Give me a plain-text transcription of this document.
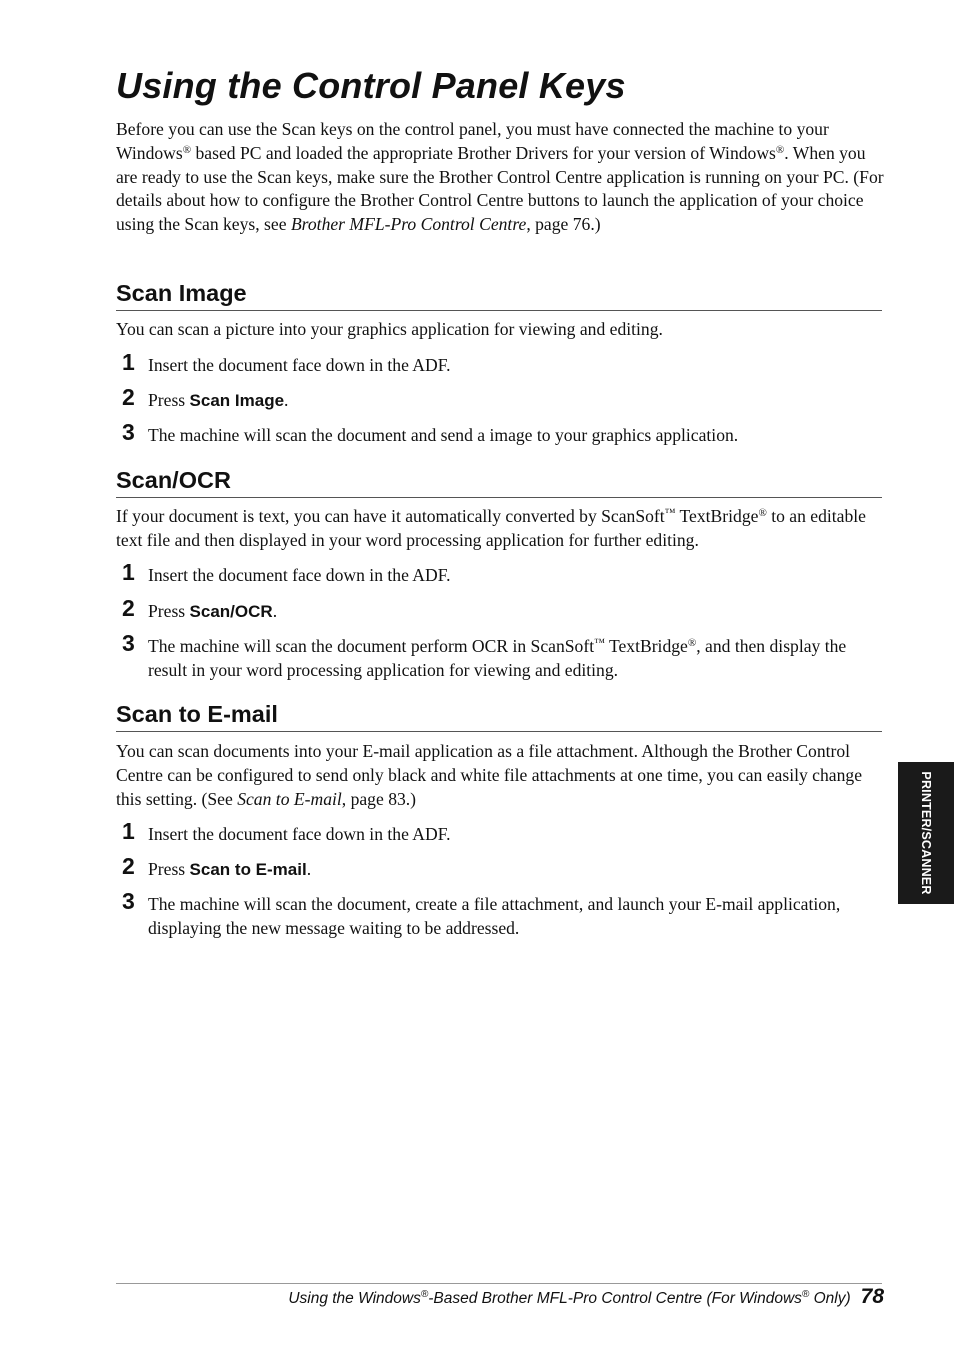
Using the Control Panel Keys

Before you can use the Scan keys on the control panel, you must have connected the machine to your Windows® based PC and loaded the appropriate Brother Drivers for your version of Windows®. When you are ready to use the Scan keys, make sure the Brother Control Centre application is running on your PC. (For details about how to configure the Brother Control Centre buttons to launch the application of your choice using the Scan keys, see Brother MFL-Pro Control Centre, page 76.)

Scan Image

You can scan a picture into your graphics application for viewing and editing.

1 Insert the document face down in the ADF.

2 Press Scan Image.

3 The machine will scan the document and send a image to your graphics application.

Scan/OCR

If your document is text, you can have it automatically converted by ScanSoft™ TextBridge® to an editable text file and then displayed in your word processing application for further editing.

1 Insert the document face down in the ADF.

2 Press Scan/OCR.

3 The machine will scan the document perform OCR in ScanSoft™ TextBridge®, and then display the result in your word processing application for viewing and editing.

Scan to E-mail

You can scan documents into your E-mail application as a file attachment. Although the Brother Control Centre can be configured to send only black and white file attachments at one time, you can easily change this setting. (See Scan to E-mail, page 83.)

1 Insert the document face down in the ADF.

2 Press Scan to E-mail.

3 The machine will scan the document, create a file attachment, and launch your E-mail application, displaying the new message waiting to be addressed.

PRINTER/SCANNER
Using the Windows®-Based Brother MFL-Pro Control Centre (For Windows® Only) 78
